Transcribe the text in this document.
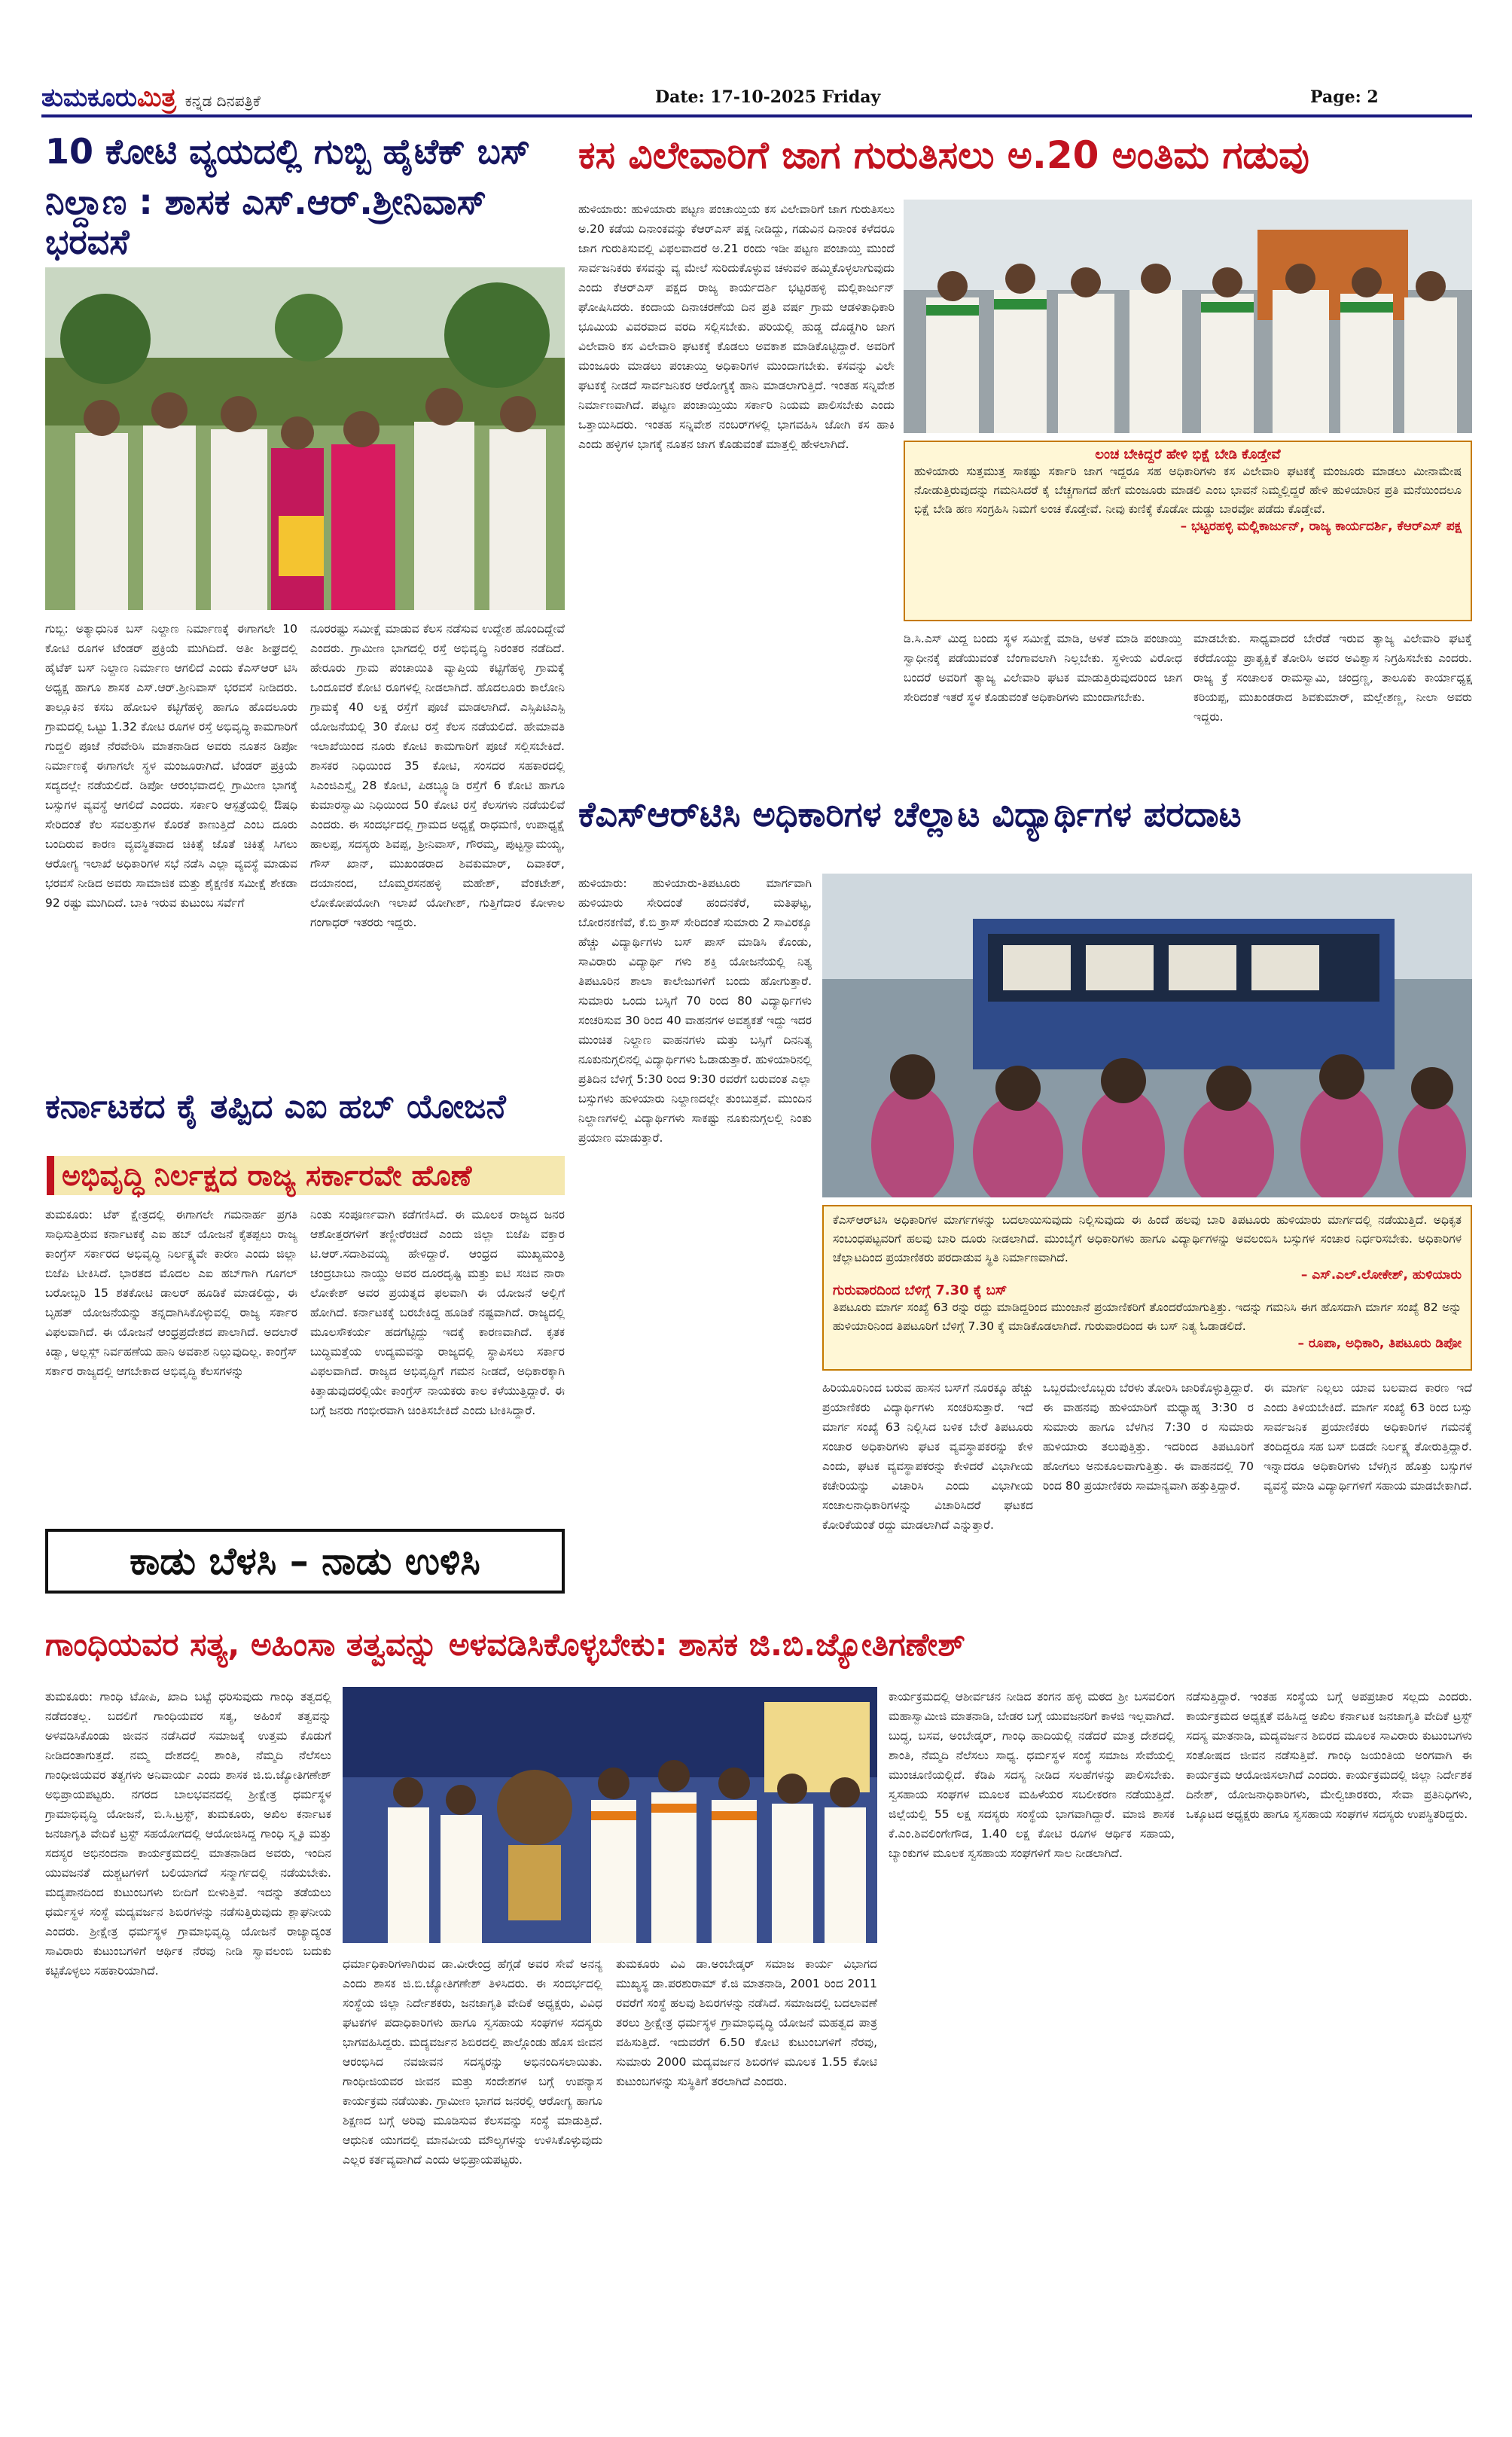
ತುಮಕೂರುಮಿತ್ರ ಕನ್ನಡ ದಿನಪತ್ರಿಕೆ	Date: 17-10-2025 Friday	Page: 2
10 ಕೋಟಿ ವ್ಯಯದಲ್ಲಿ ಗುಬ್ಬಿ ಹೈಟೆಕ್ ಬಸ್
ನಿಲ್ದಾಣ : ಶಾಸಕ ಎಸ್.ಆರ್.ಶ್ರೀನಿವಾಸ್ ಭರವಸೆ
ಗುಬ್ಬಿ: ಅತ್ಯಾಧುನಿಕ ಬಸ್ ನಿಲ್ದಾಣ ನಿರ್ಮಾಣಕ್ಕೆ ಈಗಾಗಲೇ 10 ಕೋಟಿ ರೂಗಳ ಟೆಂಡರ್ ಪ್ರಕ್ರಿಯೆ ಮುಗಿದಿದೆ. ಅತೀ ಶೀಘ್ರದಲ್ಲಿ ಹೈಟೆಕ್ ಬಸ್ ನಿಲ್ದಾಣ ನಿರ್ಮಾಣ ಆಗಲಿದೆ ಎಂದು ಕೆಎಸ್‌ಆರ್‌ ಟಿಸಿ ಅಧ್ಯಕ್ಷ ಹಾಗೂ ಶಾಸಕ ಎಸ್.ಆರ್.ಶ್ರೀನಿವಾಸ್ ಭರವಸೆ ನೀಡಿದರು. ತಾಲ್ಲೂಕಿನ ಕಸಬ ಹೋಬಳಿ ಕಟ್ಟಿಗೆಹಳ್ಳಿ ಹಾಗೂ ಹೊದಲೂರು ಗ್ರಾಮದಲ್ಲಿ ಒಟ್ಟು 1.32 ಕೋಟಿ ರೂಗಳ ರಸ್ತೆ ಅಭಿವೃದ್ಧಿ ಕಾಮಗಾರಿಗೆ ಗುದ್ದಲಿ ಪೂಜೆ ನೆರವೇರಿಸಿ ಮಾತನಾಡಿದ ಅವರು ನೂತನ ಡಿಪೋ ನಿರ್ಮಾಣಕ್ಕೆ ಈಗಾಗಲೇ ಸ್ಥಳ ಮಂಜೂರಾಗಿದೆ. ಟೆಂಡರ್ ಪ್ರಕ್ರಿಯೆ ಸದ್ಯದಲ್ಲೇ ನಡೆಯಲಿದೆ. ಡಿಪೋ ಆರಂಭವಾದಲ್ಲಿ ಗ್ರಾಮೀಣ ಭಾಗಕ್ಕೆ ಬಸ್ಸುಗಳ ವ್ಯವಸ್ಥೆ ಆಗಲಿದೆ ಎಂದರು. ಸರ್ಕಾರಿ ಆಸ್ಪತ್ರೆಯಲ್ಲಿ ಔಷಧಿ ಸೇರಿದಂತೆ ಕೆಲ ಸವಲತ್ತುಗಳ ಕೊರತೆ ಕಾಣುತ್ತಿದೆ ಎಂಬ ದೂರು ಬಂದಿರುವ ಕಾರಣ ವ್ಯವಸ್ಥಿತವಾದ ಚಿಕಿತ್ಸೆ ಜೊತೆ ಚಿಕಿತ್ಸೆ ಸಿಗಲು ಆರೋಗ್ಯ ಇಲಾಖೆ ಅಧಿಕಾರಿಗಳ ಸಭೆ ನಡೆಸಿ ಎಲ್ಲಾ ವ್ಯವಸ್ಥೆ ಮಾಡುವ ಭರವಸೆ ನೀಡಿದ ಅವರು ಸಾಮಾಜಿಕ ಮತ್ತು ಶೈಕ್ಷಣಿಕ ಸಮೀಕ್ಷೆ ಶೇಕಡಾ 92 ರಷ್ಟು ಮುಗಿದಿದೆ. ಬಾಕಿ ಇರುವ ಕುಟುಂಬ ಸರ್ವೆಗೆ
ನೂರರಷ್ಟು ಸಮೀಕ್ಷೆ ಮಾಡುವ ಕೆಲಸ ನಡೆಸುವ ಉದ್ದೇಶ ಹೊಂದಿದ್ದೇವೆ ಎಂದರು. ಗ್ರಾಮೀಣ ಭಾಗದಲ್ಲಿ ರಸ್ತೆ ಅಭಿವೃದ್ಧಿ ನಿರಂತರ ನಡೆದಿದೆ. ಹೇರೂರು ಗ್ರಾಮ ಪಂಚಾಯಿತಿ ವ್ಯಾಪ್ತಿಯ ಕಟ್ಟಿಗೆಹಳ್ಳಿ ಗ್ರಾಮಕ್ಕೆ ಒಂದೂವರೆ ಕೋಟಿ ರೂಗಳಲ್ಲಿ ನೀಡಲಾಗಿದೆ. ಹೊದಲೂರು ಕಾಲೋನಿ ಗ್ರಾಮಕ್ಕೆ 40 ಲಕ್ಷ ರಸ್ತೆಗೆ ಪೂಜೆ ಮಾಡಲಾಗಿದೆ. ಎಸ್ಸಿಪಿಟಿಎಸ್ಪಿ ಯೋಜನೆಯಲ್ಲಿ 30 ಕೋಟಿ ರಸ್ತೆ ಕೆಲಸ ನಡೆಯಲಿದೆ. ಹೇಮಾವತಿ ಇಲಾಖೆಯಿಂದ ನೂರು ಕೋಟಿ ಕಾಮಗಾರಿಗೆ ಪೂಜೆ ಸಲ್ಲಿಸಬೇಕಿದೆ. ಶಾಸಕರ ನಿಧಿಯಿಂದ 35 ಕೋಟಿ, ಸಂಸದರ ಸಹಕಾರದಲ್ಲಿ ಸಿಎಂಜಿಎಸ್ವೈ 28 ಕೋಟಿ, ಪಿಡಬ್ಲ್ಯೂಡಿ ರಸ್ತೆಗೆ 6 ಕೋಟಿ ಹಾಗೂ ಕುಮಾರಸ್ವಾಮಿ ನಿಧಿಯಿಂದ 50 ಕೋಟಿ ರಸ್ತೆ ಕೆಲಸಗಳು ನಡೆಯಲಿವೆ ಎಂದರು. ಈ ಸಂದರ್ಭದಲ್ಲಿ ಗ್ರಾಮದ ಅಧ್ಯಕ್ಷೆ ರಾಧಮಣಿ, ಉಪಾಧ್ಯಕ್ಷೆ ಹಾಲಪ್ಪ, ಸದಸ್ಯರು ಶಿವಪ್ಪ, ಶ್ರೀನಿವಾಸ್, ಗೌರಮ್ಮ, ಪುಟ್ಟಸ್ವಾಮಯ್ಯ, ಗೌಸ್ ಖಾನ್, ಮುಖಂಡರಾದ ಶಿವಕುಮಾರ್, ದಿವಾಕರ್, ದಯಾನಂದ, ಬೊಮ್ಮರಸನಹಳ್ಳಿ ಮಹೇಶ್, ವೆಂಕಟೇಶ್, ಲೋಕೋಪಯೋಗಿ ಇಲಾಖೆ ಯೋಗೀಶ್, ಗುತ್ತಿಗೆದಾರ ಕೋಳಾಲ ಗಂಗಾಧರ್ ಇತರರು ಇದ್ದರು.
ಕಸ ವಿಲೇವಾರಿಗೆ ಜಾಗ ಗುರುತಿಸಲು ಅ.20 ಅಂತಿಮ ಗಡುವು
ಹುಳಿಯಾರು: ಹುಳಿಯಾರು ಪಟ್ಟಣ ಪಂಚಾಯ್ತಿಯ ಕಸ ವಿಲೇವಾರಿಗೆ ಜಾಗ ಗುರುತಿಸಲು ಅ.20 ಕಡೆಯ ದಿನಾಂಕವನ್ನು ಕೆಆರ್‌ಎಸ್ ಪಕ್ಷ ನೀಡಿದ್ದು, ಗಡುವಿನ ದಿನಾಂಕ ಕಳೆದರೂ ಜಾಗ ಗುರುತಿಸುವಲ್ಲಿ ವಿಫಲವಾದರೆ ಅ.21 ರಂದು ಇಡೀ ಪಟ್ಟಣ ಪಂಚಾಯ್ತಿ ಮುಂದೆ ಸಾರ್ವಜನಿಕರು ಕಸವನ್ನು ವ್ಯ ಮೇಲೆ ಸುರಿದುಕೊಳ್ಳುವ ಚಳುವಳಿ ಹಮ್ಮಿಕೊಳ್ಳಲಾಗುವುದು ಎಂದು ಕೆಆರ್‌ಎಸ್ ಪಕ್ಷದ ರಾಜ್ಯ ಕಾರ್ಯದರ್ಶಿ ಭಟ್ಟರಹಳ್ಳಿ ಮಲ್ಲಿಕಾರ್ಜುನ್ ಘೋಷಿಸಿದರು. ಕಂದಾಯ ದಿನಾಚರಣೆಯ ದಿನ ಪ್ರತಿ ವರ್ಷ ಗ್ರಾಮ ಆಡಳಿತಾಧಿಕಾರಿ ಭೂಮಿಯ ವಿವರವಾದ ವರದಿ ಸಲ್ಲಿಸಬೇಕು. ಪರಿಯಲ್ಲಿ ಹುಡ್ಡ ದೊಡ್ಡಗಿರಿ ಜಾಗ ವಿಲೇವಾರಿ ಕಸ ವಿಲೇವಾರಿ ಘಟಕಕ್ಕೆ ಕೊಡಲು ಅವಕಾಶ ಮಾಡಿಕೊಟ್ಟಿದ್ದಾರೆ. ಅವರಿಗೆ ಮಂಜೂರು ಮಾಡಲು ಪಂಚಾಯ್ತಿ ಅಧಿಕಾರಿಗಳ ಮುಂದಾಗಬೇಕು. ಕಸವನ್ನು ವಿಲೇ ಘಟಕಕ್ಕೆ ನೀಡದೆ ಸಾರ್ವಜನಿಕರ ಆರೋಗ್ಯಕ್ಕೆ ಹಾನಿ ಮಾಡಲಾಗುತ್ತಿದೆ. ಇಂತಹ ಸನ್ನಿವೇಶ ನಿರ್ಮಾಣವಾಗಿದೆ. ಪಟ್ಟಣ ಪಂಚಾಯ್ತಿಯು ಸರ್ಕಾರಿ ನಿಯಮ ಪಾಲಿಸಬೇಕು ಎಂದು ಒತ್ತಾಯಿಸಿದರು. ಇಂತಹ ಸನ್ನಿವೇಶ ನಂಬರ್‌ಗಳಲ್ಲಿ ಭಾಗವಹಿಸಿ ಜೋಗಿ ಕಸ ಹಾಕಿ ಎಂದು ಹಳ್ಳಿಗಳ ಭಾಗಕ್ಕೆ ನೂತನ ಜಾಗ ಕೊಡುವಂತೆ ಮಾತ್ತಲ್ಲಿ ಹೇಳಲಾಗಿದೆ.
ಲಂಚ ಬೇಕಿದ್ದರೆ ಹೇಳಿ ಭಿಕ್ಷೆ ಬೇಡಿ ಕೊಡ್ತೇವೆ
ಹುಳಿಯಾರು ಸುತ್ತಮುತ್ತ ಸಾಕಷ್ಟು ಸರ್ಕಾರಿ ಜಾಗ ಇದ್ದರೂ ಸಹ ಅಧಿಕಾರಿಗಳು ಕಸ ವಿಲೇವಾರಿ ಘಟಕಕ್ಕೆ ಮಂಜೂರು ಮಾಡಲು ಮೀನಾಮೇಷ ನೋಡುತ್ತಿರುವುದನ್ನು ಗಮನಿಸಿದರೆ ಕೈ ಬೆಚ್ಚಗಾಗದೆ ಹೇಗೆ ಮಂಜೂರು ಮಾಡಲಿ ಎಂಬ ಭಾವನೆ ನಿಮ್ಮಲ್ಲಿದ್ದರೆ ಹೇಳಿ ಹುಳಿಯಾರಿನ ಪ್ರತಿ ಮನೆಯಿಂದಲೂ ಭಿಕ್ಷೆ ಬೇಡಿ ಹಣ ಸಂಗ್ರಹಿಸಿ ನಿಮಗೆ ಲಂಚ ಕೊಡ್ತೇವೆ. ನೀವು ಕುಣಿಕ್ಕೆ ಕೊಡೋ ದುಡ್ಡು ಬಾರವೋ ಪಡೆದು ಕೊಡ್ತೇವೆ.
– ಭಟ್ಟರಹಳ್ಳಿ ಮಲ್ಲಿಕಾರ್ಜುನ್, ರಾಜ್ಯ ಕಾರ್ಯದರ್ಶಿ, ಕೆಆರ್‌ಎಸ್ ಪಕ್ಷ
ಡಿ.ಸಿ.ಎಸ್ ಮಿದ್ದ ಬಂದು ಸ್ಥಳ ಸಮೀಕ್ಷೆ ಮಾಡಿ, ಅಳತೆ ಮಾಡಿ ಪಂಚಾಯ್ತಿ ಸ್ವಾಧೀನಕ್ಕೆ ಪಡೆಯುವಂತೆ ಬೆಂಗಾವಲಾಗಿ ನಿಲ್ಲಬೇಕು. ಸ್ಥಳೀಯ ವಿರೋಧ ಬಂದರೆ ಅವರಿಗೆ ತ್ಯಾಜ್ಯ ವಿಲೇವಾರಿ ಘಟಕ ಮಾಡುತ್ತಿರುವುದರಿಂದ ಜಾಗ ಸೇರಿದಂತೆ ಇತರೆ ಸ್ಥಳ ಕೊಡುವಂತೆ ಅಧಿಕಾರಿಗಳು ಮುಂದಾಗಬೇಕು.
ಮಾಡಬೇಕು. ಸಾಧ್ಯವಾದರೆ ಬೇರೆಡೆ ಇರುವ ತ್ಯಾಜ್ಯ ವಿಲೇವಾರಿ ಘಟಕ್ಕೆ ಕರೆದೊಯ್ದು ಪ್ರಾತ್ಯಕ್ಷಿಕೆ ತೋರಿಸಿ ಅವರ ಅವಿಶ್ವಾಸ ನಿಗ್ರಹಿಸಬೇಕು ಎಂದರು. ರಾಜ್ಯ ಕ್ರೆ ಸಂಚಾಲಕ ರಾಮಸ್ವಾಮಿ, ಚಂದ್ರಣ್ಣ, ತಾಲೂಕು ಕಾರ್ಯಾಧ್ಯಕ್ಷ ಕರಿಯಪ್ಪ, ಮುಖಂಡರಾದ ಶಿವಕುಮಾರ್, ಮಲ್ಲೇಶಣ್ಣ, ನೀಲಾ ಅವರು ಇದ್ದರು.
ಕೆಎಸ್‌ಆರ್‌ಟಿಸಿ ಅಧಿಕಾರಿಗಳ ಚೆಲ್ಲಾಟ ವಿದ್ಯಾರ್ಥಿಗಳ ಪರದಾಟ
ಹುಳಿಯಾರು: ಹುಳಿಯಾರು-ತಿಪಟೂರು ಮಾರ್ಗವಾಗಿ ಹುಳಿಯಾರು ಸೇರಿದಂತೆ ಹಂದನಕೆರೆ, ಮತಿಘಟ್ಟ, ಬೋರನಕಣಿವೆ, ಕೆ.ಬಿ ಕ್ರಾಸ್ ಸೇರಿದಂತೆ ಸುಮಾರು 2 ಸಾವಿರಕ್ಕೂ ಹೆಚ್ಚು ವಿದ್ಯಾರ್ಥಿಗಳು ಬಸ್ ಪಾಸ್ ಮಾಡಿಸಿ ಕೊಂಡು, ಸಾವಿರಾರು ವಿದ್ಯಾರ್ಥಿ ಗಳು ಶಕ್ತಿ ಯೋಜನೆಯಲ್ಲಿ ನಿತ್ಯ ತಿಪಟೂರಿನ ಶಾಲಾ ಕಾಲೇಜುಗಳಿಗೆ ಬಂದು ಹೋಗುತ್ತಾರೆ. ಸುಮಾರು ಒಂದು ಬಸ್ಸಿಗೆ 70 ರಿಂದ 80 ವಿದ್ಯಾರ್ಥಿಗಳು ಸಂಚರಿಸುವ 30 ರಿಂದ 40 ವಾಹನಗಳ ಅವಶ್ಯಕತೆ ಇದ್ದು ಇದರ ಮುಂಚಿತ ನಿಲ್ದಾಣ ವಾಹನಗಳು ಮತ್ತು ಬಸ್ಸಿಗೆ ದಿನನಿತ್ಯ ನೂಕುನುಗ್ಗಲಿನಲ್ಲಿ ವಿದ್ಯಾರ್ಥಿಗಳು ಓಡಾಡುತ್ತಾರೆ. ಹುಳಿಯಾರಿನಲ್ಲಿ ಪ್ರತಿದಿನ ಬೆಳಿಗ್ಗೆ 5:30 ರಿಂದ 9:30 ರವರೆಗೆ ಬರುವಂತ ಎಲ್ಲಾ ಬಸ್ಸುಗಳು ಹುಳಿಯಾರು ನಿಲ್ದಾಣದಲ್ಲೇ ತುಂಬುತ್ತವೆ. ಮುಂದಿನ ನಿಲ್ದಾಣಗಳಲ್ಲಿ ವಿದ್ಯಾರ್ಥಿಗಳು ಸಾಕಷ್ಟು ನೂಕುನುಗ್ಗಲಲ್ಲಿ ನಿಂತು ಪ್ರಯಾಣ ಮಾಡುತ್ತಾರೆ.
ಕೆಎಸ್‌ಆರ್‌ಟಿಸಿ ಅಧಿಕಾರಿಗಳ ಮಾರ್ಗಗಳನ್ನು ಬದಲಾಯಿಸುವುದು ನಿಲ್ಲಿಸುವುದು ಈ ಹಿಂದೆ ಹಲವು ಬಾರಿ ತಿಪಟೂರು ಹುಳಿಯಾರು ಮಾರ್ಗದಲ್ಲಿ ನಡೆಯುತ್ತಿದೆ. ಅಧಿಕೃತ ಸಂಬಂಧಪಟ್ಟವರಿಗೆ ಹಲವು ಬಾರಿ ದೂರು ನೀಡಲಾಗಿದೆ. ಮುಂಬೈಗೆ ಅಧಿಕಾರಿಗಳು ಹಾಗೂ ವಿದ್ಯಾರ್ಥಿಗಳನ್ನು ಅವಲಂಬಿಸಿ ಬಸ್ಸುಗಳ ಸಂಚಾರ ನಿರ್ಧರಿಸಬೇಕು. ಅಧಿಕಾರಿಗಳ ಚೆಲ್ಲಾಟದಿಂದ ಪ್ರಯಾಣಿಕರು ಪರದಾಡುವ ಸ್ಥಿತಿ ನಿರ್ಮಾಣವಾಗಿದೆ.
– ಎಸ್.ಎಲ್.ಲೋಕೇಶ್, ಹುಳಿಯಾರು
ಗುರುವಾರದಿಂದ ಬೆಳಿಗ್ಗೆ 7.30 ಕ್ಕೆ ಬಸ್
ತಿಪಟೂರು ಮಾರ್ಗ ಸಂಖ್ಯೆ 63 ರನ್ನು ರದ್ದು ಮಾಡಿದ್ದರಿಂದ ಮುಂಜಾನೆ ಪ್ರಯಾಣಿಕರಿಗೆ ತೊಂದರೆಯಾಗುತ್ತಿತ್ತು. ಇದನ್ನು ಗಮನಿಸಿ ಈಗ ಹೊಸದಾಗಿ ಮಾರ್ಗ ಸಂಖ್ಯೆ 82 ಅನ್ನು ಹುಳಿಯಾರಿನಿಂದ ತಿಪಟೂರಿಗೆ ಬೆಳಿಗ್ಗೆ 7.30 ಕ್ಕೆ ಮಾಡಿಕೊಡಲಾಗಿದೆ. ಗುರುವಾರದಿಂದ ಈ ಬಸ್ ನಿತ್ಯ ಓಡಾಡಲಿದೆ.
– ರೂಪಾ, ಅಧಿಕಾರಿ, ತಿಪಟೂರು ಡಿಪೋ
ಹಿರಿಯೂರಿನಿಂದ ಬರುವ ಹಾಸನ ಬಸ್‌ಗೆ ನೂರಕ್ಕೂ ಹೆಚ್ಚು ಪ್ರಯಾಣಿಕರು ವಿದ್ಯಾರ್ಥಿಗಳು ಸಂಚರಿಸುತ್ತಾರೆ. ಇದೆ ಮಾರ್ಗ ಸಂಖ್ಯೆ 63 ನಿಲ್ಲಿಸಿದ ಬಳಿಕ ಬೇರೆ ತಿಪಟೂರು ಸಂಚಾರ ಅಧಿಕಾರಿಗಳು ಘಟಕ ವ್ಯವಸ್ಥಾಪಕರನ್ನು ಕೇಳಿ ಎಂದು, ಘಟಕ ವ್ಯವಸ್ಥಾಪಕರನ್ನು ಕೇಳಿದರೆ ವಿಭಾಗೀಯ ಕಚೇರಿಯನ್ನು ವಿಚಾರಿಸಿ ಎಂದು ವಿಭಾಗೀಯ ಸಂಚಾಲನಾಧಿಕಾರಿಗಳನ್ನು ವಿಚಾರಿಸಿದರೆ ಘಟಕದ ಕೋರಿಕೆಯಂತೆ ರದ್ದು ಮಾಡಲಾಗಿದೆ ಎನ್ನುತ್ತಾರೆ.
ಒಬ್ಬರಮೇಲೊಬ್ಬರು ಬೆರಳು ತೋರಿಸಿ ಜಾರಿಕೊಳ್ಳುತ್ತಿದ್ದಾರೆ. ಈ ವಾಹನವು ಹುಳಿಯಾರಿಗೆ ಮಧ್ಯಾಹ್ನ 3:30 ರ ಸುಮಾರು ಹಾಗೂ ಬೆಳಗಿನ 7:30 ರ ಸುಮಾರು ಹುಳಿಯಾರು ತಲುಪುತ್ತಿತ್ತು. ಇದರಿಂದ ತಿಪಟೂರಿಗೆ ಹೋಗಲು ಅನುಕೂಲವಾಗುತ್ತಿತ್ತು. ಈ ವಾಹನದಲ್ಲಿ 70 ರಿಂದ 80 ಪ್ರಯಾಣಿಕರು ಸಾಮಾನ್ಯವಾಗಿ ಹತ್ತುತ್ತಿದ್ದಾರೆ.
ಈ ಮಾರ್ಗ ನಿಲ್ಲಲು ಯಾವ ಬಲವಾದ ಕಾರಣ ಇದೆ ಎಂದು ತಿಳಿಯಬೇಕಿದೆ. ಮಾರ್ಗ ಸಂಖ್ಯೆ 63 ರಿಂದ ಬಸ್ಸು ಸಾರ್ವಜನಿಕ ಪ್ರಯಾಣಿಕರು ಅಧಿಕಾರಿಗಳ ಗಮನಕ್ಕೆ ತಂದಿದ್ದರೂ ಸಹ ಬಸ್ ಬಿಡದೇ ನಿರ್ಲಕ್ಷ್ಯ ತೋರುತ್ತಿದ್ದಾರೆ. ಇನ್ನಾದರೂ ಅಧಿಕಾರಿಗಳು ಬೆಳಗ್ಗಿನ ಹೊತ್ತು ಬಸ್ಸುಗಳ ವ್ಯವಸ್ಥೆ ಮಾಡಿ ವಿದ್ಯಾರ್ಥಿಗಳಿಗೆ ಸಹಾಯ ಮಾಡಬೇಕಾಗಿದೆ.
ಕರ್ನಾಟಕದ ಕೈ ತಪ್ಪಿದ ಎಐ ಹಬ್ ಯೋಜನೆ
ಅಭಿವೃದ್ಧಿ ನಿರ್ಲಕ್ಷದ ರಾಜ್ಯ ಸರ್ಕಾರವೇ ಹೊಣೆ
ತುಮಕೂರು: ಟೆಕ್ ಕ್ಷೇತ್ರದಲ್ಲಿ ಈಗಾಗಲೇ ಗಮನಾರ್ಹ ಪ್ರಗತಿ ಸಾಧಿಸುತ್ತಿರುವ ಕರ್ನಾಟಕಕ್ಕೆ ಎಐ ಹಬ್ ಯೋಜನೆ ಕೈತಪ್ಪಲು ರಾಜ್ಯ ಕಾಂಗ್ರೆಸ್ ಸರ್ಕಾರದ ಅಭಿವೃದ್ಧಿ ನಿರ್ಲಕ್ಷ್ಯವೇ ಕಾರಣ ಎಂದು ಜಿಲ್ಲಾ ಬಿಜೆಪಿ ಟೀಕಿಸಿದೆ. ಭಾರತದ ಮೊದಲ ಎಐ ಹಬ್‌ಗಾಗಿ ಗೂಗಲ್ ಬರೋಬ್ಬರಿ 15 ಶತಕೋಟಿ ಡಾಲರ್ ಹೂಡಿಕೆ ಮಾಡಲಿದ್ದು, ಈ ಬೃಹತ್ ಯೋಜನೆಯನ್ನು ತನ್ನದಾಗಿಸಿಕೊಳ್ಳುವಲ್ಲಿ ರಾಜ್ಯ ಸರ್ಕಾರ ವಿಫಲವಾಗಿದೆ. ಈ ಯೋಜನೆ ಆಂಧ್ರಪ್ರದೇಶದ ಪಾಲಾಗಿದೆ. ಅದಲಾರೆ ಕಿಡ್ವಾ, ಅಲ್ಲಸ್ಲ್ ನಿರ್ವಹಣೆಯ ಹಾನಿ ಅವಕಾಶ ನಿಲ್ಲುವುದಿಲ್ಲ. ಕಾಂಗ್ರೆಸ್ ಸರ್ಕಾರ ರಾಜ್ಯದಲ್ಲಿ ಆಗಬೇಕಾದ ಅಭಿವೃದ್ಧಿ ಕೆಲಸಗಳನ್ನು
ನಿಂತು ಸಂಪೂರ್ಣವಾಗಿ ಕಡೆಗಣಿಸಿದೆ. ಈ ಮೂಲಕ ರಾಜ್ಯದ ಜನರ ಆಶೋತ್ತರಗಳಿಗೆ ತಣ್ಣೀರೆರಚಿದೆ ಎಂದು ಜಿಲ್ಲಾ ಬಿಜೆಪಿ ವಕ್ತಾರ ಟಿ.ಆರ್.ಸದಾಶಿವಯ್ಯ ಹೇಳಿದ್ದಾರೆ. ಆಂಧ್ರದ ಮುಖ್ಯಮಂತ್ರಿ ಚಂದ್ರಬಾಬು ನಾಯ್ಡು ಅವರ ದೂರದೃಷ್ಟಿ ಮತ್ತು ಐಟಿ ಸಚಿವ ನಾರಾ ಲೋಕೇಶ್ ಅವರ ಪ್ರಯತ್ನದ ಫಲವಾಗಿ ಈ ಯೋಜನೆ ಅಲ್ಲಿಗೆ ಹೋಗಿದೆ. ಕರ್ನಾಟಕಕ್ಕೆ ಬರಬೇಕಿದ್ದ ಹೂಡಿಕೆ ನಷ್ಟವಾಗಿದೆ. ರಾಜ್ಯದಲ್ಲಿ ಮೂಲಸೌಕರ್ಯ ಹದಗೆಟ್ಟಿದ್ದು ಇದಕ್ಕೆ ಕಾರಣವಾಗಿದೆ. ಕೃತಕ ಬುದ್ಧಿಮತ್ತೆಯ ಉದ್ಯಮವನ್ನು ರಾಜ್ಯದಲ್ಲಿ ಸ್ಥಾಪಿಸಲು ಸರ್ಕಾರ ವಿಫಲವಾಗಿದೆ. ರಾಜ್ಯದ ಅಭಿವೃದ್ಧಿಗೆ ಗಮನ ನೀಡದೆ, ಅಧಿಕಾರಕ್ಕಾಗಿ ಕಿತ್ತಾಡುವುದರಲ್ಲಿಯೇ ಕಾಂಗ್ರೆಸ್ ನಾಯಕರು ಕಾಲ ಕಳೆಯುತ್ತಿದ್ದಾರೆ. ಈ ಬಗ್ಗೆ ಜನರು ಗಂಭೀರವಾಗಿ ಚಿಂತಿಸಬೇಕಿದೆ ಎಂದು ಟೀಕಿಸಿದ್ದಾರೆ.
ಕಾಡು ಬೆಳಸಿ – ನಾಡು ಉಳಿಸಿ
ಗಾಂಧಿಯವರ ಸತ್ಯ, ಅಹಿಂಸಾ ತತ್ವವನ್ನು ಅಳವಡಿಸಿಕೊಳ್ಳಬೇಕು: ಶಾಸಕ ಜಿ.ಬಿ.ಜ್ಯೋತಿಗಣೇಶ್
ತುಮಕೂರು: ಗಾಂಧಿ ಟೋಪಿ, ಖಾದಿ ಬಟ್ಟೆ ಧರಿಸುವುದು ಗಾಂಧಿ ತತ್ವದಲ್ಲಿ ನಡೆದಂತಲ್ಲ. ಬದಲಿಗೆ ಗಾಂಧಿಯವರ ಸತ್ಯ, ಅಹಿಂಸೆ ತತ್ವವನ್ನು ಅಳವಡಿಸಿಕೊಂಡು ಜೀವನ ನಡೆಸಿದರೆ ಸಮಾಜಕ್ಕೆ ಉತ್ತಮ ಕೊಡುಗೆ ನೀಡಿದಂತಾಗುತ್ತದೆ. ನಮ್ಮ ದೇಶದಲ್ಲಿ ಶಾಂತಿ, ನೆಮ್ಮದಿ ನೆಲೆಸಲು ಗಾಂಧೀಜಿಯವರ ತತ್ವಗಳು ಅನಿವಾರ್ಯ ಎಂದು ಶಾಸಕ ಜಿ.ಬಿ.ಜ್ಯೋತಿಗಣೇಶ್ ಅಭಿಪ್ರಾಯಪಟ್ಟರು. ನಗರದ ಬಾಲಭವನದಲ್ಲಿ ಶ್ರೀಕ್ಷೇತ್ರ ಧರ್ಮಸ್ಥಳ ಗ್ರಾಮಾಭಿವೃದ್ಧಿ ಯೋಜನೆ, ಬಿ.ಸಿ.ಟ್ರಸ್ಟ್, ತುಮಕೂರು, ಅಖಿಲ ಕರ್ನಾಟಕ ಜನಜಾಗೃತಿ ವೇದಿಕೆ ಟ್ರಸ್ಟ್ ಸಹಯೋಗದಲ್ಲಿ ಆಯೋಜಿಸಿದ್ದ ಗಾಂಧಿ ಸ್ಮೃತಿ ಮತ್ತು ಸದಸ್ಯರ ಅಭಿನಂದನಾ ಕಾರ್ಯಕ್ರಮದಲ್ಲಿ ಮಾತನಾಡಿದ ಅವರು, ಇಂದಿನ ಯುವಜನತೆ ದುಶ್ಚಟಗಳಿಗೆ ಬಲಿಯಾಗದೆ ಸನ್ಮಾರ್ಗದಲ್ಲಿ ನಡೆಯಬೇಕು. ಮದ್ಯಪಾನದಿಂದ ಕುಟುಂಬಗಳು ಬೀದಿಗೆ ಬೀಳುತ್ತಿವೆ. ಇದನ್ನು ತಡೆಯಲು ಧರ್ಮಸ್ಥಳ ಸಂಸ್ಥೆ ಮದ್ಯವರ್ಜನ ಶಿಬಿರಗಳನ್ನು ನಡೆಸುತ್ತಿರುವುದು ಶ್ಲಾಘನೀಯ ಎಂದರು. ಶ್ರೀಕ್ಷೇತ್ರ ಧರ್ಮಸ್ಥಳ ಗ್ರಾಮಾಭಿವೃದ್ಧಿ ಯೋಜನೆ ರಾಜ್ಯಾದ್ಯಂತ ಸಾವಿರಾರು ಕುಟುಂಬಗಳಿಗೆ ಆರ್ಥಿಕ ನೆರವು ನೀಡಿ ಸ್ವಾವಲಂಬಿ ಬದುಕು ಕಟ್ಟಿಕೊಳ್ಳಲು ಸಹಕಾರಿಯಾಗಿದೆ.	ಧರ್ಮಾಧಿಕಾರಿಗಳಾಗಿರುವ ಡಾ.ವೀರೇಂದ್ರ ಹೆಗ್ಗಡೆ ಅವರ ಸೇವೆ ಅನನ್ಯ ಎಂದು ಶಾಸಕ ಜಿ.ಬಿ.ಜ್ಯೋತಿಗಣೇಶ್ ತಿಳಿಸಿದರು. ಈ ಸಂದರ್ಭದಲ್ಲಿ ಸಂಸ್ಥೆಯ ಜಿಲ್ಲಾ ನಿರ್ದೇಶಕರು, ಜನಜಾಗೃತಿ ವೇದಿಕೆ ಅಧ್ಯಕ್ಷರು, ವಿವಿಧ ಘಟಕಗಳ ಪದಾಧಿಕಾರಿಗಳು ಹಾಗೂ ಸ್ವಸಹಾಯ ಸಂಘಗಳ ಸದಸ್ಯರು ಭಾಗವಹಿಸಿದ್ದರು. ಮದ್ಯವರ್ಜನ ಶಿಬಿರದಲ್ಲಿ ಪಾಲ್ಗೊಂಡು ಹೊಸ ಜೀವನ ಆರಂಭಿಸಿದ ನವಜೀವನ ಸದಸ್ಯರನ್ನು ಅಭಿನಂದಿಸಲಾಯಿತು. ಗಾಂಧೀಜಿಯವರ ಜೀವನ ಮತ್ತು ಸಂದೇಶಗಳ ಬಗ್ಗೆ ಉಪನ್ಯಾಸ ಕಾರ್ಯಕ್ರಮ ನಡೆಯಿತು. ಗ್ರಾಮೀಣ ಭಾಗದ ಜನರಲ್ಲಿ ಆರೋಗ್ಯ ಹಾಗೂ ಶಿಕ್ಷಣದ ಬಗ್ಗೆ ಅರಿವು ಮೂಡಿಸುವ ಕೆಲಸವನ್ನು ಸಂಸ್ಥೆ ಮಾಡುತ್ತಿದೆ. ಆಧುನಿಕ ಯುಗದಲ್ಲಿ ಮಾನವೀಯ ಮೌಲ್ಯಗಳನ್ನು ಉಳಿಸಿಕೊಳ್ಳುವುದು ಎಲ್ಲರ ಕರ್ತವ್ಯವಾಗಿದೆ ಎಂದು ಅಭಿಪ್ರಾಯಪಟ್ಟರು.
ತುಮಕೂರು ವಿವಿ ಡಾ.ಅಂಬೇಡ್ಕರ್ ಸಮಾಜ ಕಾರ್ಯ ವಿಭಾಗದ ಮುಖ್ಯಸ್ಥ ಡಾ.ಪರಶುರಾಮ್ ಕೆ.ಜಿ ಮಾತನಾಡಿ, 2001 ರಿಂದ 2011 ರವರೆಗೆ ಸಂಸ್ಥೆ ಹಲವು ಶಿಬಿರಗಳನ್ನು ನಡೆಸಿದೆ. ಸಮಾಜದಲ್ಲಿ ಬದಲಾವಣೆ ತರಲು ಶ್ರೀಕ್ಷೇತ್ರ ಧರ್ಮಸ್ಥಳ ಗ್ರಾಮಾಭಿವೃದ್ಧಿ ಯೋಜನೆ ಮಹತ್ವದ ಪಾತ್ರ ವಹಿಸುತ್ತಿದೆ. ಇದುವರೆಗೆ 6.50 ಕೋಟಿ ಕುಟುಂಬಗಳಿಗೆ ನೆರವು, ಸುಮಾರು 2000 ಮದ್ಯವರ್ಜನ ಶಿಬಿರಗಳ ಮೂಲಕ 1.55 ಕೋಟಿ ಕುಟುಂಬಗಳನ್ನು ಸುಸ್ಥಿತಿಗೆ ತರಲಾಗಿದೆ ಎಂದರು.
ಕಾರ್ಯಕ್ರಮದಲ್ಲಿ ಆಶೀರ್ವಚನ ನೀಡಿದ ತಂಗನ ಹಳ್ಳಿ ಮಠದ ಶ್ರೀ ಬಸವಲಿಂಗ ಮಹಾಸ್ವಾಮೀಜಿ ಮಾತನಾಡಿ, ಬೇಡರ ಬಗ್ಗೆ ಯುವಜನರಿಗೆ ಕಾಳಜಿ ಇಲ್ಲವಾಗಿದೆ. ಬುದ್ಧ, ಬಸವ, ಅಂಬೇಡ್ಕರ್, ಗಾಂಧಿ ಹಾದಿಯಲ್ಲಿ ನಡೆದರೆ ಮಾತ್ರ ದೇಶದಲ್ಲಿ ಶಾಂತಿ, ನೆಮ್ಮದಿ ನೆಲೆಸಲು ಸಾಧ್ಯ. ಧರ್ಮಸ್ಥಳ ಸಂಸ್ಥೆ ಸಮಾಜ ಸೇವೆಯಲ್ಲಿ ಮುಂಚೂಣಿಯಲ್ಲಿದೆ. ಕೆಡಿಪಿ ಸದಸ್ಯ ನೀಡಿದ ಸಲಹೆಗಳನ್ನು ಪಾಲಿಸಬೇಕು. ಸ್ವಸಹಾಯ ಸಂಘಗಳ ಮೂಲಕ ಮಹಿಳೆಯರ ಸಬಲೀಕರಣ ನಡೆಯುತ್ತಿದೆ. ಜಿಲ್ಲೆಯಲ್ಲಿ 55 ಲಕ್ಷ ಸದಸ್ಯರು ಸಂಸ್ಥೆಯ ಭಾಗವಾಗಿದ್ದಾರೆ. ಮಾಜಿ ಶಾಸಕ ಕೆ.ಎಂ.ಶಿವಲಿಂಗೇಗೌಡ, 1.40 ಲಕ್ಷ ಕೋಟಿ ರೂಗಳ ಆರ್ಥಿಕ ಸಹಾಯ, ಬ್ಯಾಂಕುಗಳ ಮೂಲಕ ಸ್ವಸಹಾಯ ಸಂಘಗಳಿಗೆ ಸಾಲ ನೀಡಲಾಗಿದೆ.
ನಡೆಸುತ್ತಿದ್ದಾರೆ. ಇಂತಹ ಸಂಸ್ಥೆಯ ಬಗ್ಗೆ ಅಪಪ್ರಚಾರ ಸಲ್ಲದು ಎಂದರು. ಕಾರ್ಯಕ್ರಮದ ಅಧ್ಯಕ್ಷತೆ ವಹಿಸಿದ್ದ ಅಖಿಲ ಕರ್ನಾಟಕ ಜನಜಾಗೃತಿ ವೇದಿಕೆ ಟ್ರಸ್ಟ್ ಸದಸ್ಯ ಮಾತನಾಡಿ, ಮದ್ಯವರ್ಜನ ಶಿಬಿರದ ಮೂಲಕ ಸಾವಿರಾರು ಕುಟುಂಬಗಳು ಸಂತೋಷದ ಜೀವನ ನಡೆಸುತ್ತಿವೆ. ಗಾಂಧಿ ಜಯಂತಿಯ ಅಂಗವಾಗಿ ಈ ಕಾರ್ಯಕ್ರಮ ಆಯೋಜಿಸಲಾಗಿದೆ ಎಂದರು. ಕಾರ್ಯಕ್ರಮದಲ್ಲಿ ಜಿಲ್ಲಾ ನಿರ್ದೇಶಕ ದಿನೇಶ್, ಯೋಜನಾಧಿಕಾರಿಗಳು, ಮೇಲ್ವಿಚಾರಕರು, ಸೇವಾ ಪ್ರತಿನಿಧಿಗಳು, ಒಕ್ಕೂಟದ ಅಧ್ಯಕ್ಷರು ಹಾಗೂ ಸ್ವಸಹಾಯ ಸಂಘಗಳ ಸದಸ್ಯರು ಉಪಸ್ಥಿತರಿದ್ದರು.
